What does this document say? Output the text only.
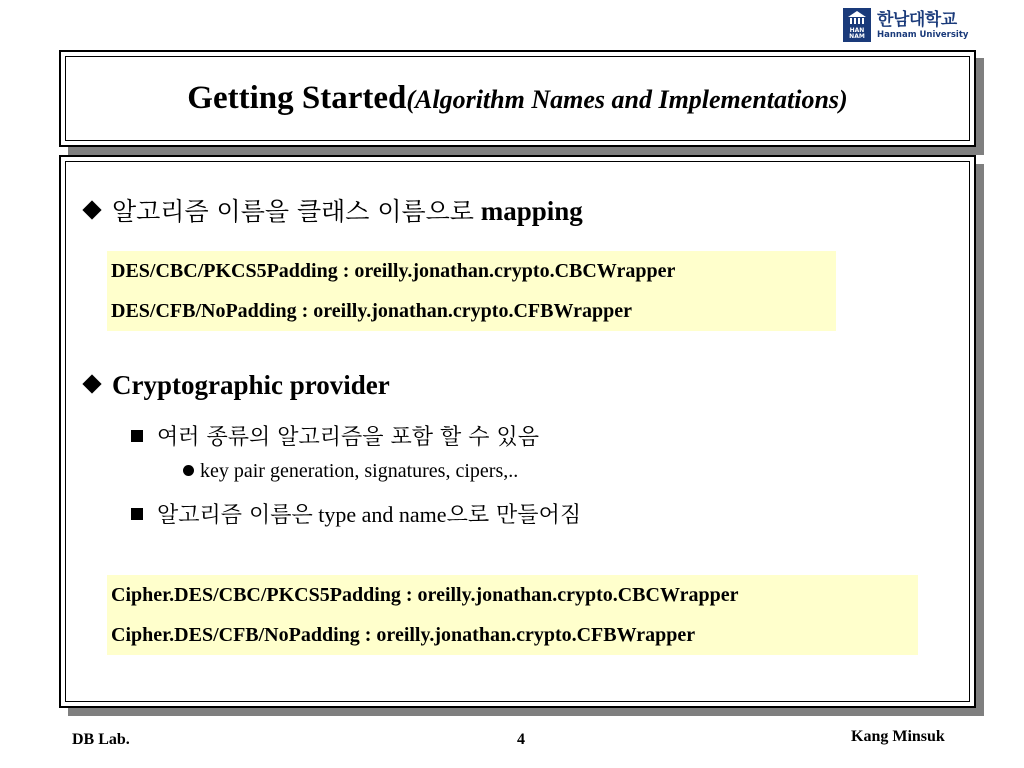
HAN
NAM
한남대학교
Hannam University
Getting Started(Algorithm Names and Implementations)
알고리즘 이름을 클래스 이름으로 mapping
DES/CBC/PKCS5Padding : oreilly.jonathan.crypto.CBCWrapper
DES/CFB/NoPadding : oreilly.jonathan.crypto.CFBWrapper
Cryptographic provider
여러 종류의 알고리즘을 포함 할 수 있음
key pair generation, signatures, cipers,..
알고리즘 이름은 type and name으로 만들어짐
Cipher.DES/CBC/PKCS5Padding : oreilly.jonathan.crypto.CBCWrapper
Cipher.DES/CFB/NoPadding : oreilly.jonathan.crypto.CFBWrapper
DB Lab.	4	Kang Minsuk
